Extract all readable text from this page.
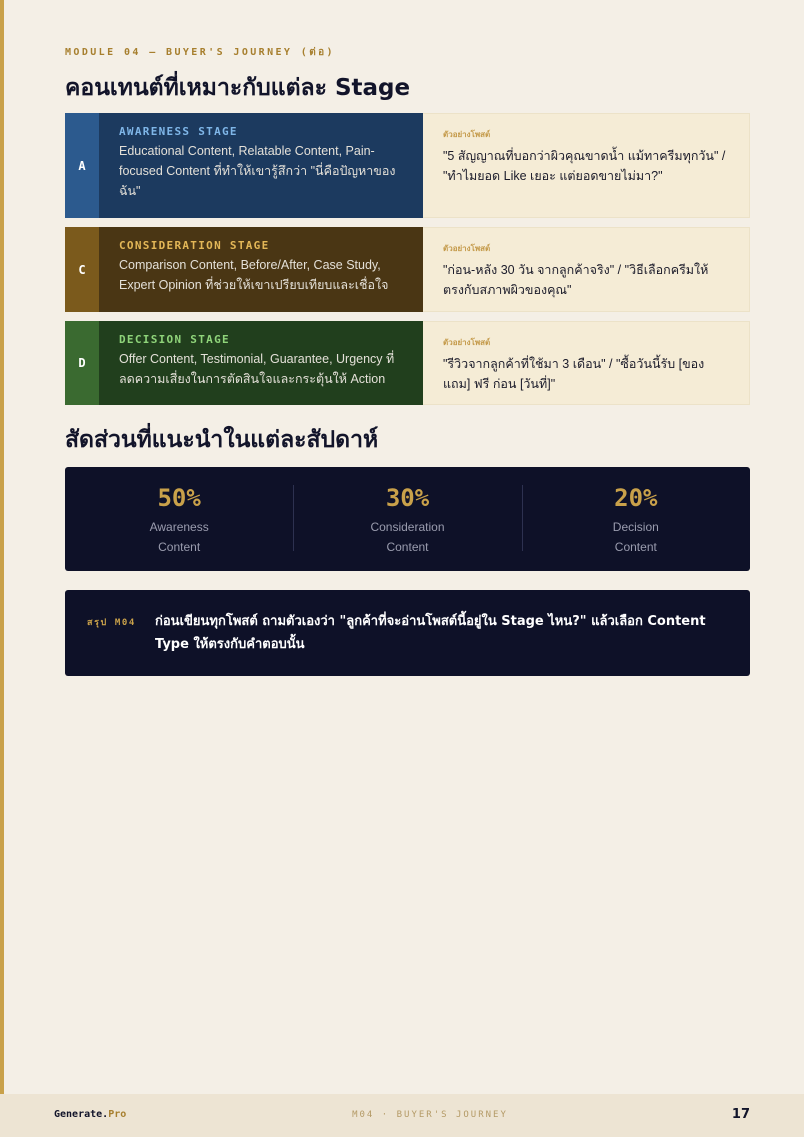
MODULE 04 — BUYER'S JOURNEY (ต่อ)
คอนเทนต์ที่เหมาะกับแต่ละ Stage
A
AWARENESS STAGE
Educational Content, Relatable Content, Pain-focused Content ที่ทำให้เขารู้สึกว่า "นี่คือปัญหาของฉัน"
ตัวอย่างโพสต์
"5 สัญญาณที่บอกว่าผิวคุณขาดน้ำ แม้ทาครีมทุกวัน" / "ทำไมยอด Like เยอะ แต่ยอดขายไม่มา?"
C
CONSIDERATION STAGE
Comparison Content, Before/After, Case Study, Expert Opinion ที่ช่วยให้เขาเปรียบเทียบและเชื่อใจ
ตัวอย่างโพสต์
"ก่อน-หลัง 30 วัน จากลูกค้าจริง" / "วิธีเลือกครีมให้ตรงกับสภาพผิวของคุณ"
D
DECISION STAGE
Offer Content, Testimonial, Guarantee, Urgency ที่ลดความเสี่ยงในการตัดสินใจและกระตุ้นให้ Action
ตัวอย่างโพสต์
"รีวิวจากลูกค้าที่ใช้มา 3 เดือน" / "ซื้อวันนี้รับ [ของแถม] ฟรี ก่อน [วันที่]"
สัดส่วนที่แนะนำในแต่ละสัปดาห์
50%
Awareness Content
30%
Consideration Content
20%
Decision Content
สรุป M04 ก่อนเขียนทุกโพสต์ ถามตัวเองว่า "ลูกค้าที่จะอ่านโพสต์นี้อยู่ใน Stage ไหน?" แล้วเลือก Content Type ให้ตรงกับคำตอบนั้น
Generate.Pro	M04 · BUYER'S JOURNEY	17
